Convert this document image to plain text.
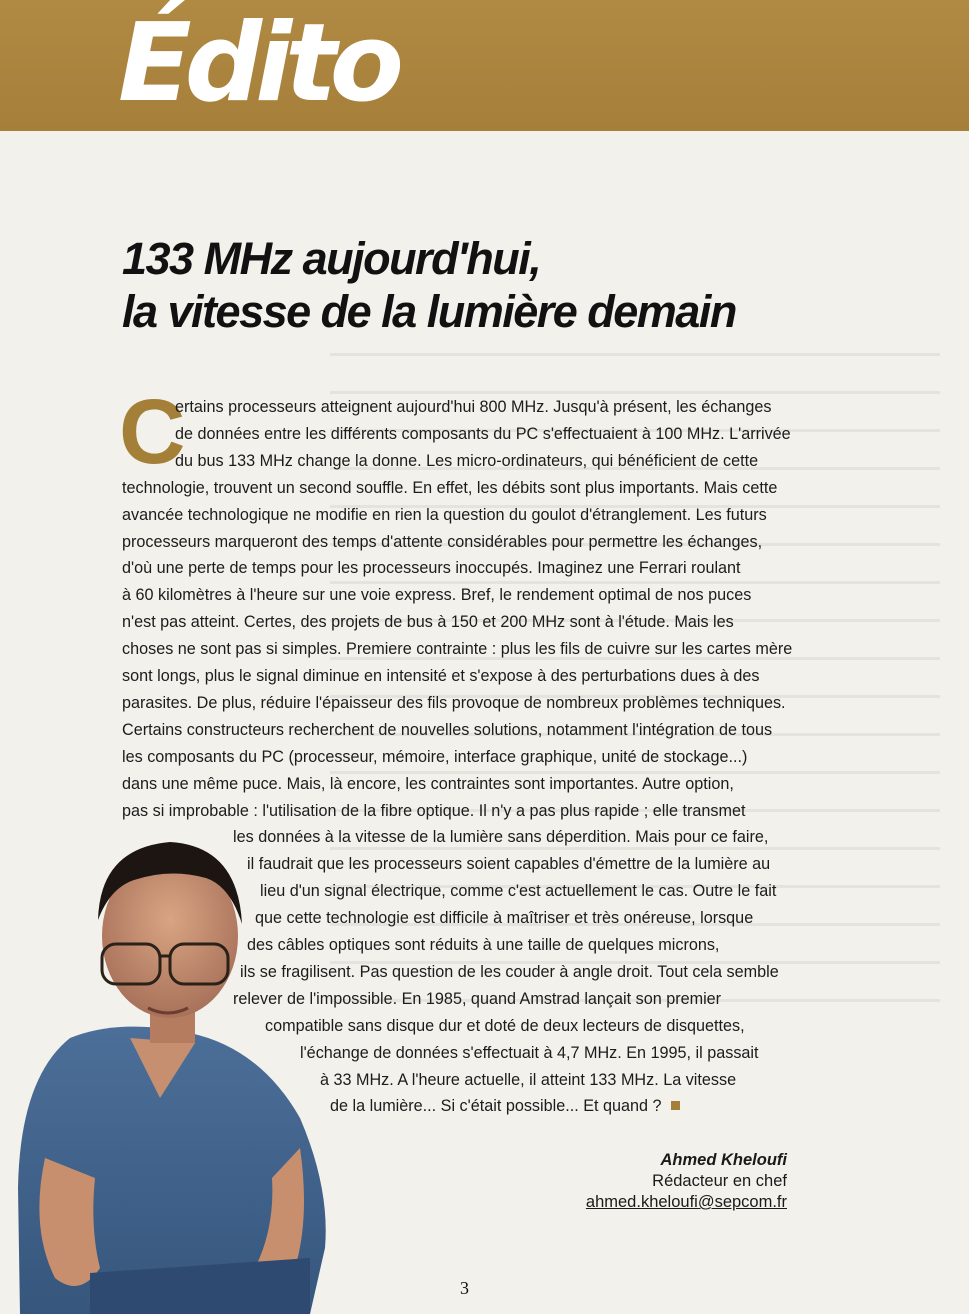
Édito
133 MHz aujourd'hui,
la vitesse de la lumière demain
C
ertains processeurs atteignent aujourd'hui 800 MHz. Jusqu'à présent, les échanges
de données entre les différents composants du PC s'effectuaient à 100 MHz. L'arrivée
du bus 133 MHz change la donne. Les micro-ordinateurs, qui bénéficient de cette
technologie, trouvent un second souffle. En effet, les débits sont plus importants. Mais cette
avancée technologique ne modifie en rien la question du goulot d'étranglement. Les futurs
processeurs marqueront des temps d'attente considérables pour permettre les échanges,
d'où une perte de temps pour les processeurs inoccupés. Imaginez une Ferrari roulant
à 60 kilomètres à l'heure sur une voie express. Bref, le rendement optimal de nos puces
n'est pas atteint. Certes, des projets de bus à 150 et 200 MHz sont à l'étude. Mais les
choses ne sont pas si simples. Premiere contrainte : plus les fils de cuivre sur les cartes mère
sont longs, plus le signal diminue en intensité et s'expose à des perturbations dues à des
parasites. De plus, réduire l'épaisseur des fils provoque de nombreux problèmes techniques.
Certains constructeurs recherchent de nouvelles solutions, notamment l'intégration de tous
les composants du PC (processeur, mémoire, interface graphique, unité de stockage...)
dans une même puce. Mais, là encore, les contraintes sont importantes. Autre option,
pas si improbable : l'utilisation de la fibre optique. Il n'y a pas plus rapide ; elle transmet
les données à la vitesse de la lumière sans déperdition. Mais pour ce faire,
il faudrait que les processeurs soient capables d'émettre de la lumière au
lieu d'un signal électrique, comme c'est actuellement le cas. Outre le fait
que cette technologie est difficile à maîtriser et très onéreuse, lorsque
des câbles optiques sont réduits à une taille de quelques microns,
ils se fragilisent. Pas question de les couder à angle droit. Tout cela semble
relever de l'impossible. En 1985, quand Amstrad lançait son premier
compatible sans disque dur et doté de deux lecteurs de disquettes,
l'échange de données s'effectuait à 4,7 MHz. En 1995, il passait
à 33 MHz. A l'heure actuelle, il atteint 133 MHz. La vitesse
de la lumière... Si c'était possible... Et quand ?
Ahmed Kheloufi
Rédacteur en chef
ahmed.kheloufi@sepcom.fr
3
